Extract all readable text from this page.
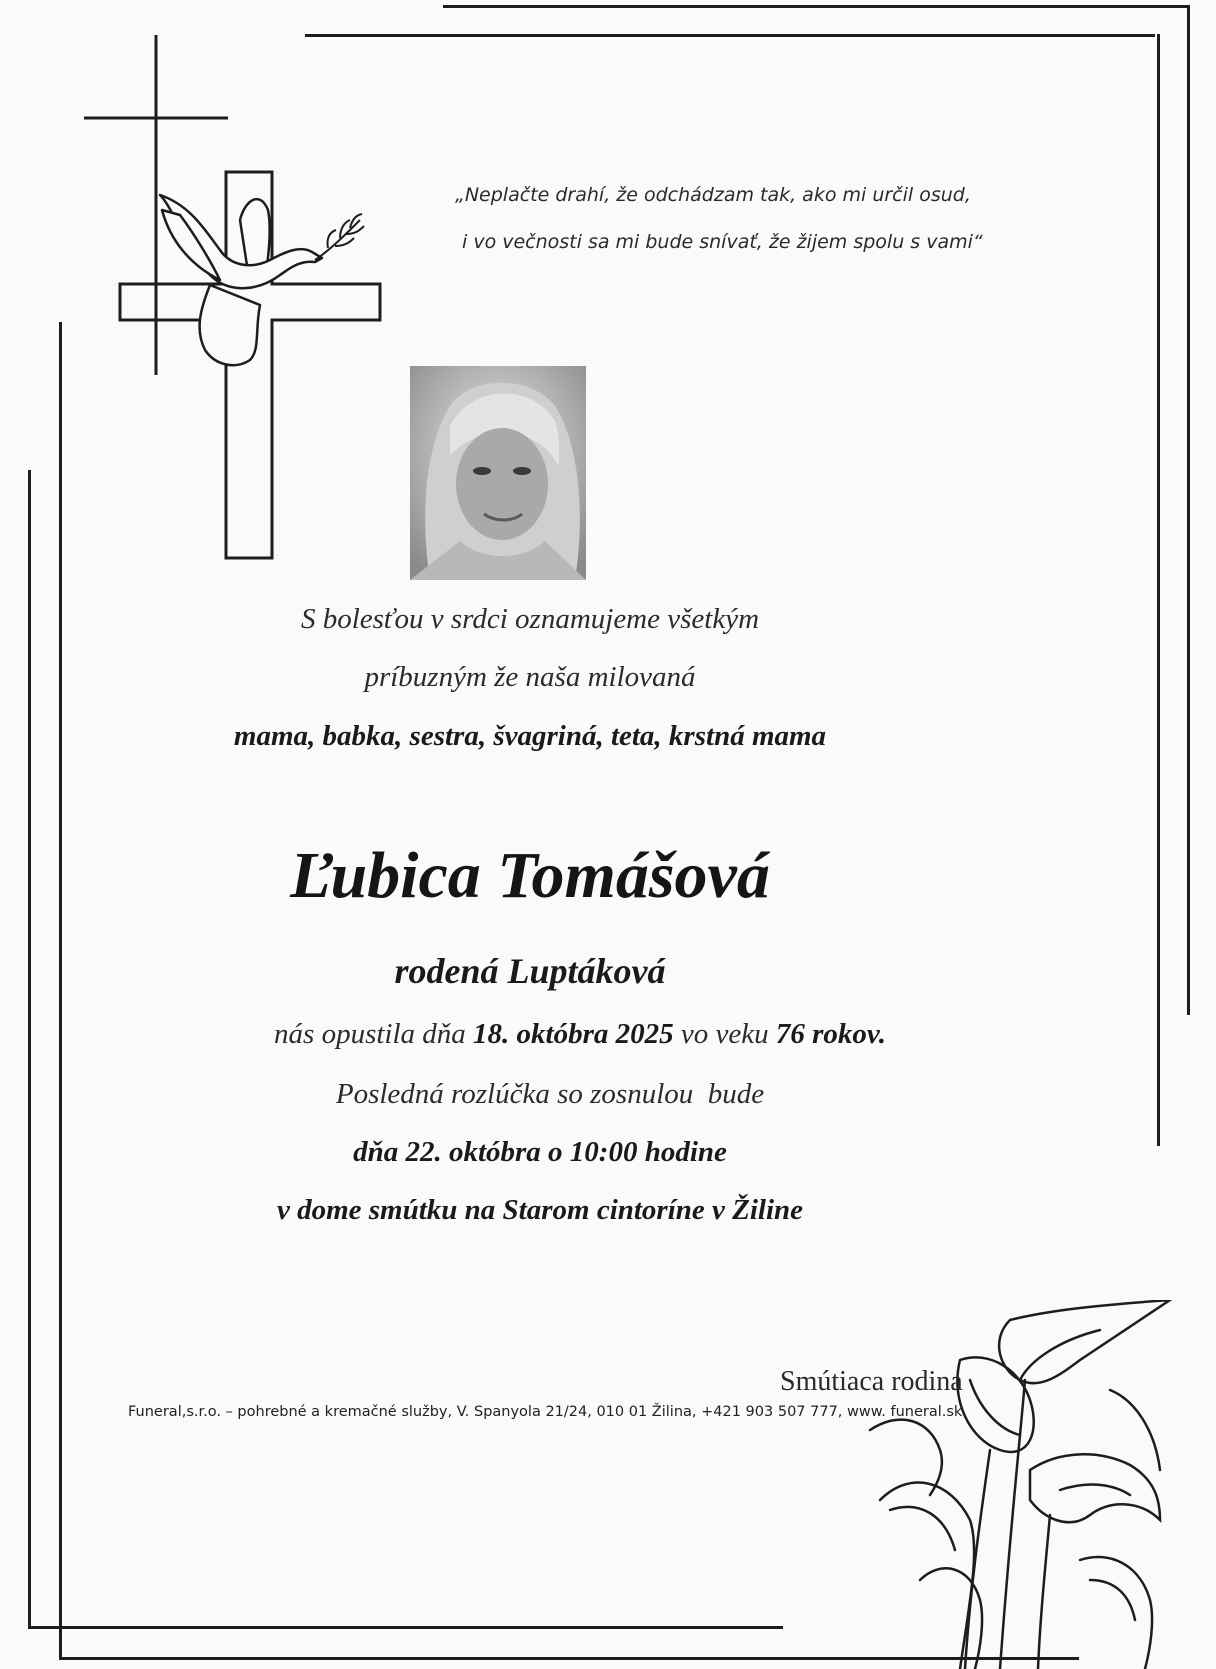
„Neplačte drahí, že odchádzam tak, ako mi určil osud,
i vo večnosti sa mi bude snívať, že žijem spolu s vami“
S bolesťou v srdci oznamujeme všetkým
príbuzným že naša milovaná
mama, babka, sestra, švagriná, teta, krstná mama
Ľubica Tomášová
rodená Luptáková
nás opustila dňa 18. októbra 2025 vo veku 76 rokov.
Posledná rozlúčka so zosnulou  bude
dňa 22. októbra o 10:00 hodine
v dome smútku na Starom cintoríne v Žiline
Smútiaca rodina
Funeral,s.r.o. – pohrebné a kremačné služby, V. Spanyola 21/24, 010 01 Žilina, +421 903 507 777, www. funeral.sk
